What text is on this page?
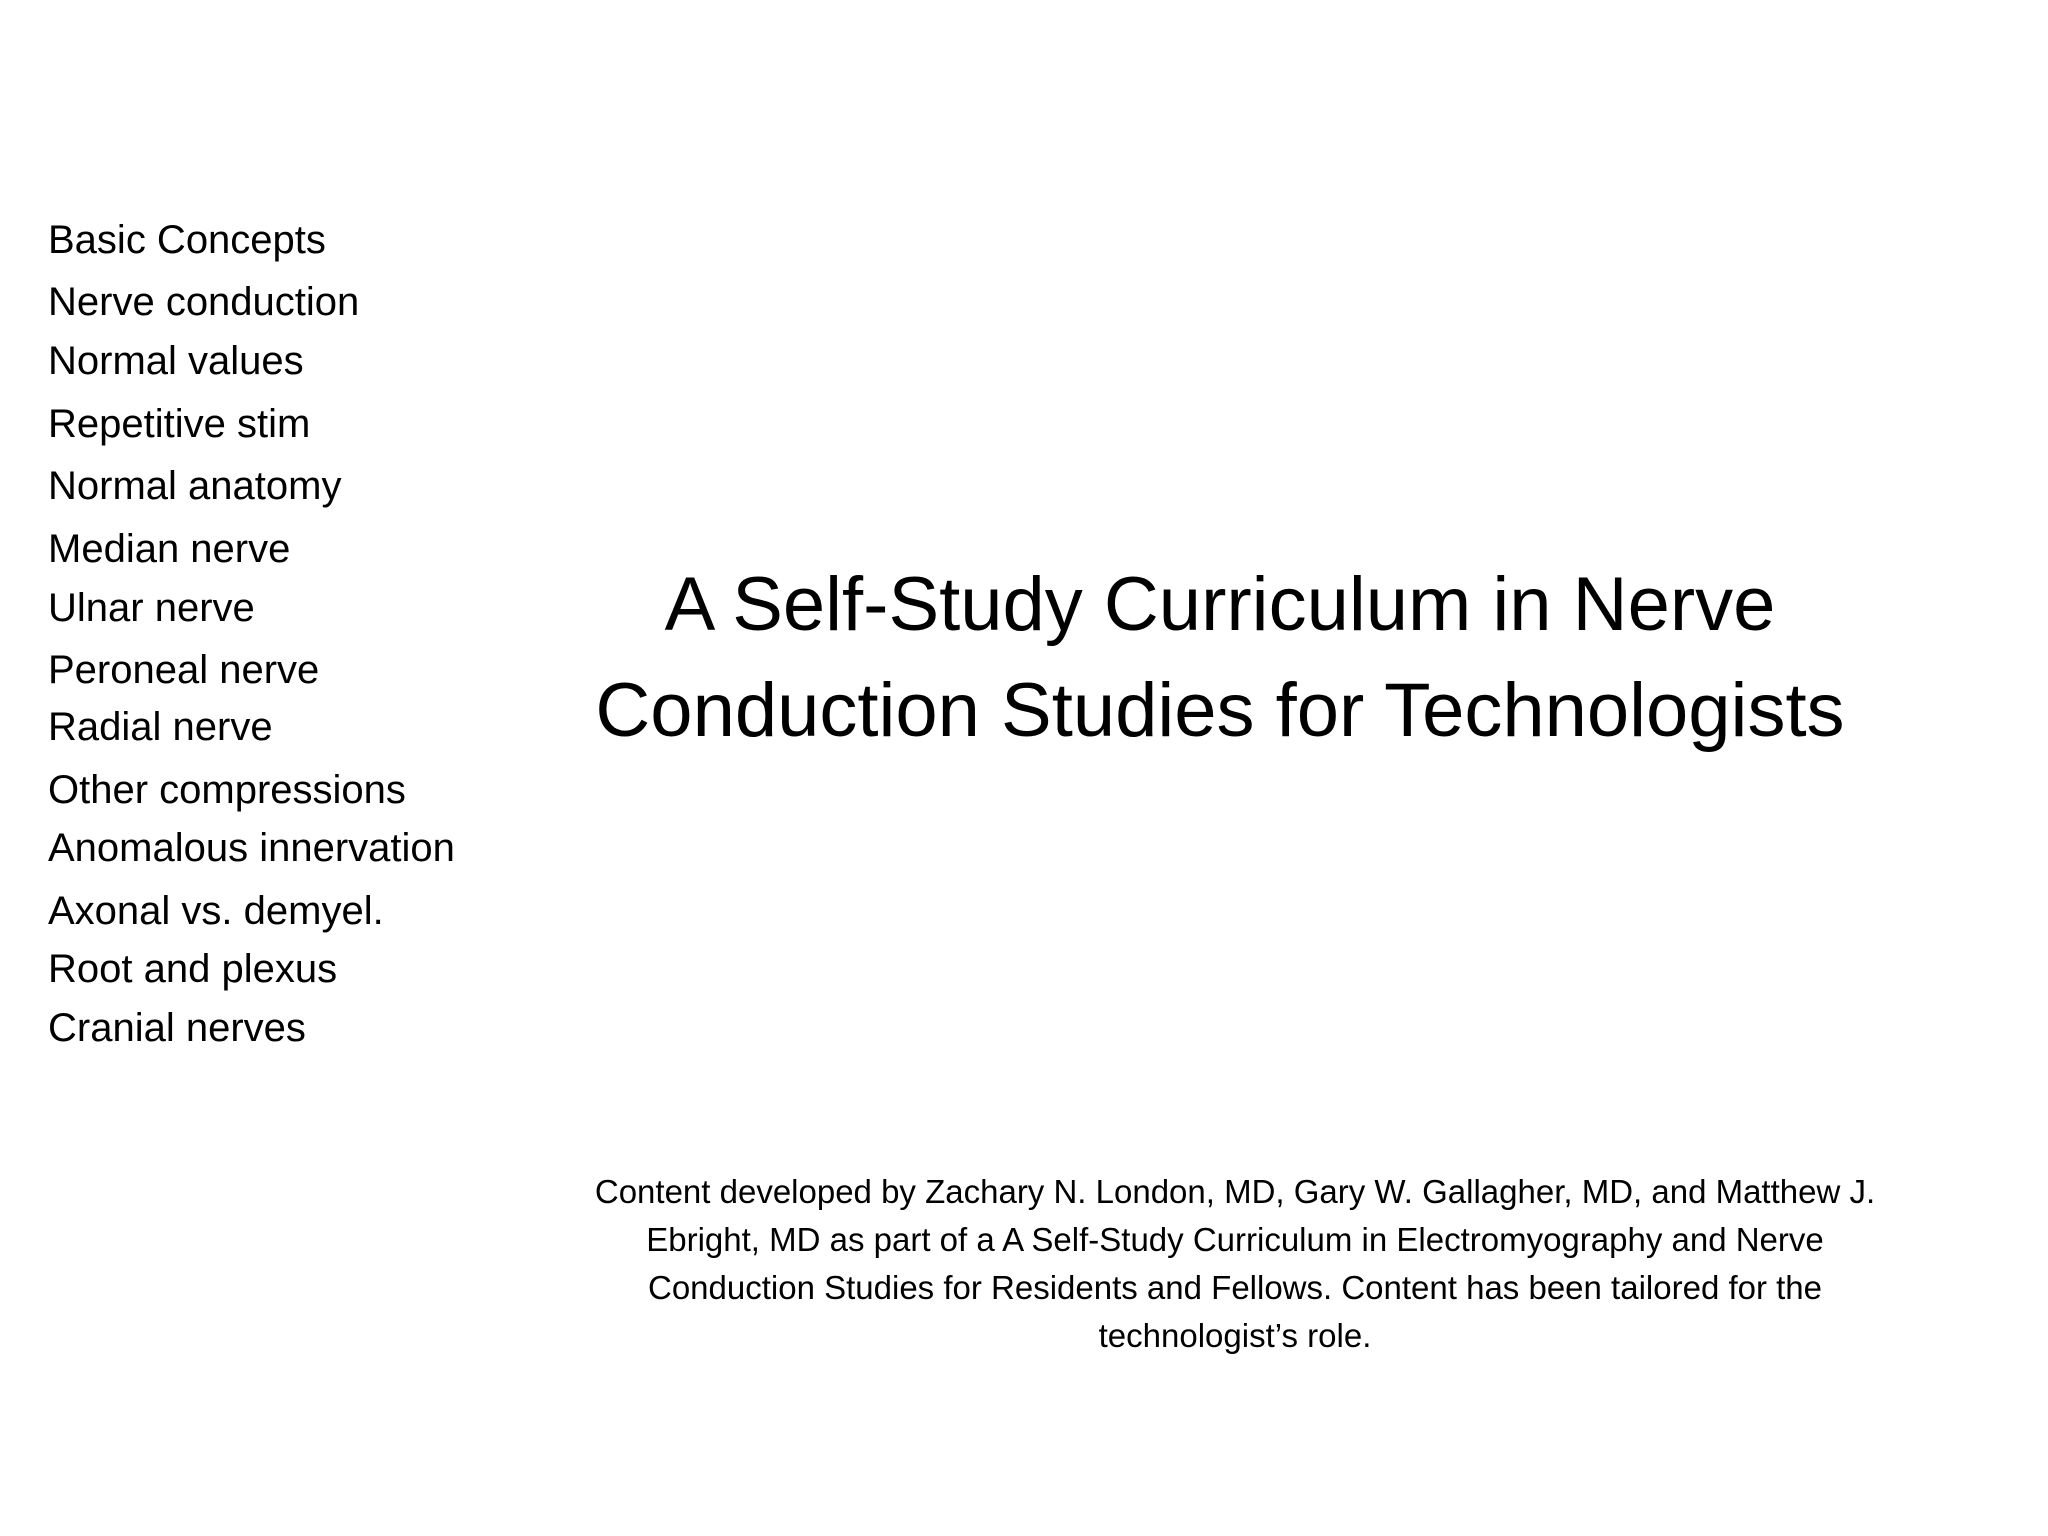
Basic Concepts
Nerve conduction
Normal values
Repetitive stim
Normal anatomy
Median nerve
Ulnar nerve
Peroneal nerve
Radial nerve
Other compressions
Anomalous innervation
Axonal vs. demyel.
Root and plexus
Cranial nerves
A Self-Study Curriculum in Nerve
Conduction Studies for Technologists
Content developed by Zachary N. London, MD, Gary W. Gallagher, MD, and Matthew J.
Ebright, MD as part of a A Self-Study Curriculum in Electromyography and Nerve
Conduction Studies for Residents and Fellows. Content has been tailored for the
technologist’s role.
